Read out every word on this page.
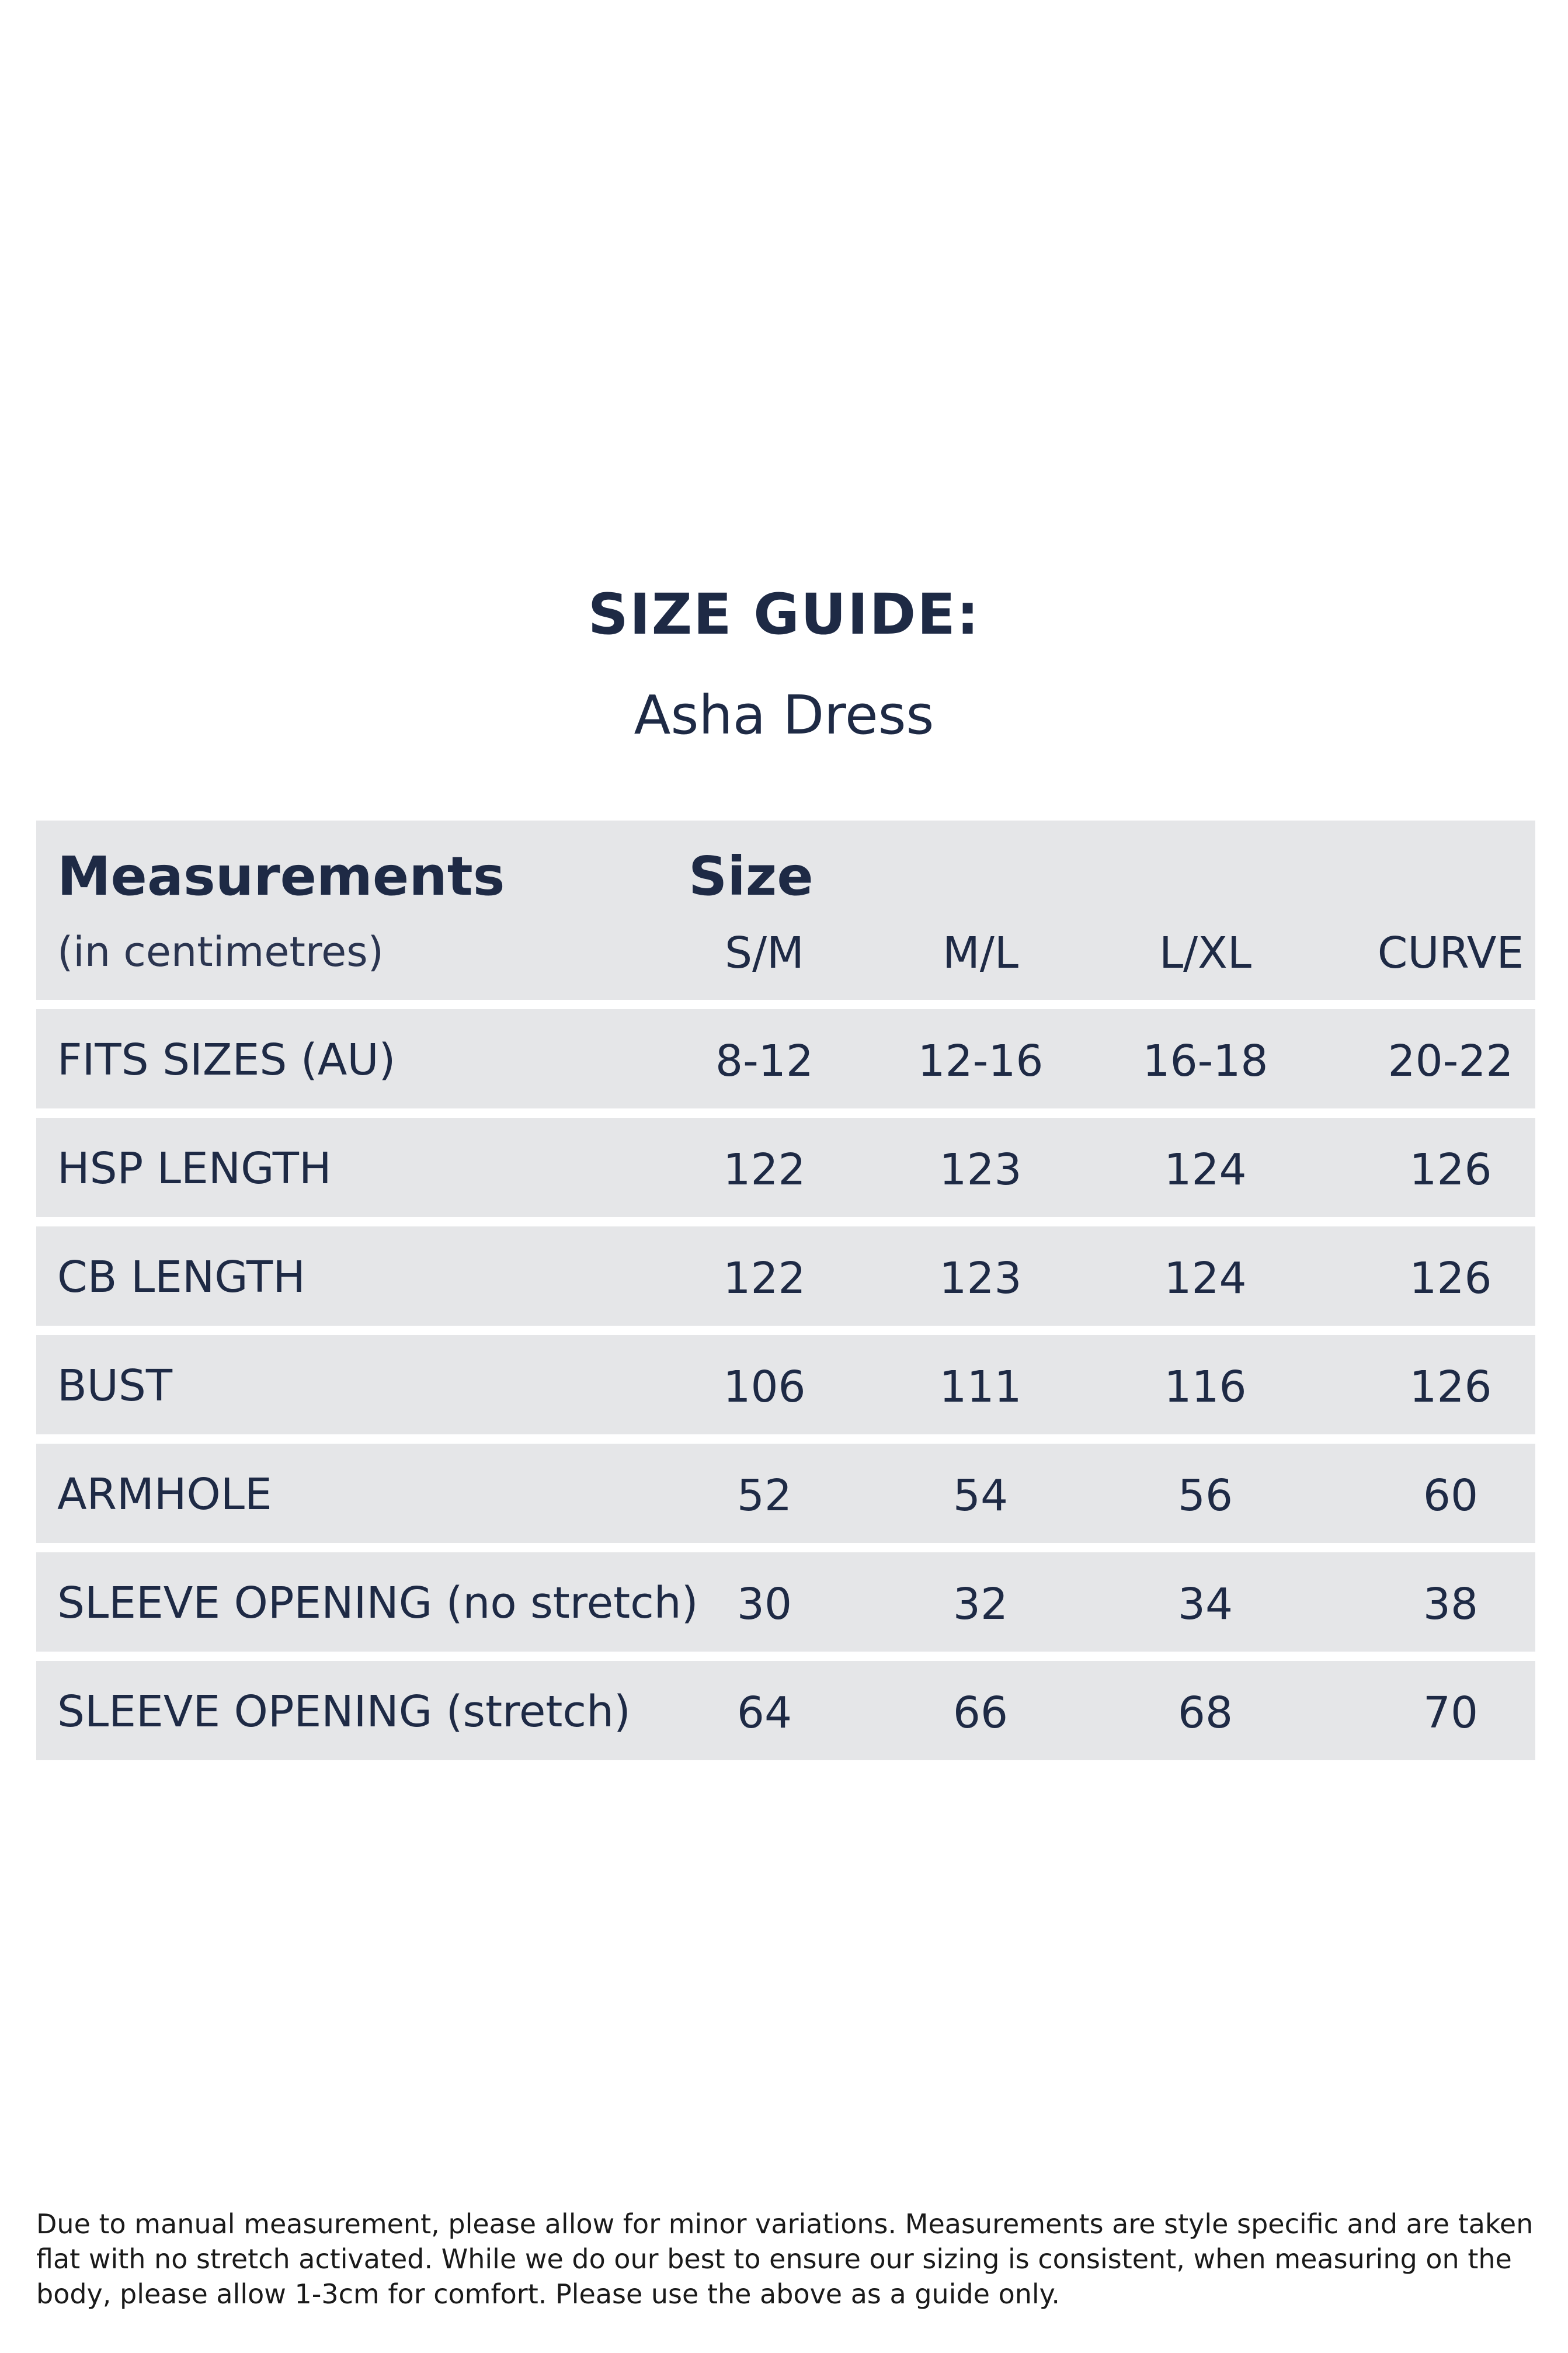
SIZE GUIDE:
Asha Dress
Measurements
(in centimetres)
Size
S/M	M/L	L/XL	CURVE
FITS SIZES (AU)	8-12	12-16	16-18	20-22
HSP LENGTH	122	123	124	126
CB LENGTH	122	123	124	126
BUST	106	111	116	126
ARMHOLE	52	54	56	60
SLEEVE OPENING (no stretch) 30	32	34	38
SLEEVE OPENING (stretch)	64	66	68	70
Due to manual measurement, please allow for minor variations. Measurements are style specific and are taken flat with no stretch activated. While we do our best to ensure our sizing is consistent, when measuring on the body, please allow 1-3cm for comfort. Please use the above as a guide only.
